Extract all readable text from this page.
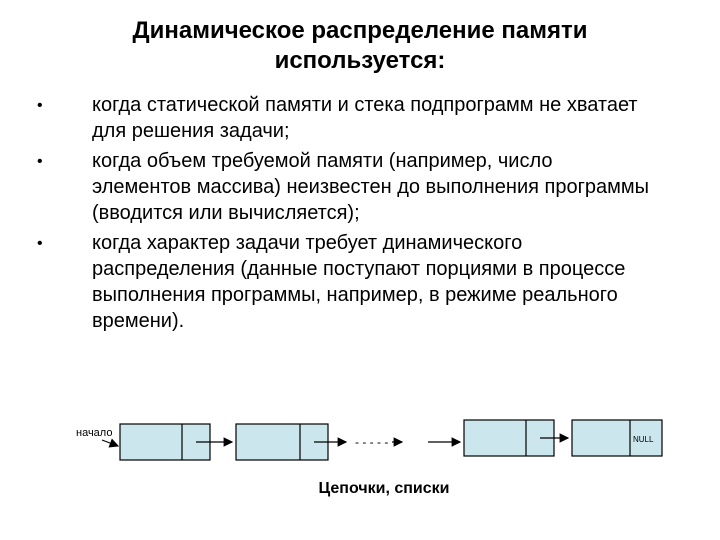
Динамическое распределение памяти
используется:
• когда статической памяти и стека подпрограмм не хватает для решения задачи;
• когда объем требуемой памяти (например, число элементов массива) неизвестен до выполнения программы (вводится или вычисляется);
• когда характер задачи требует динамического распределения (данные поступают порциями в процессе выполнения программы, например, в режиме реального времени).
начало
- - - - -	NULL
Цепочки, списки
